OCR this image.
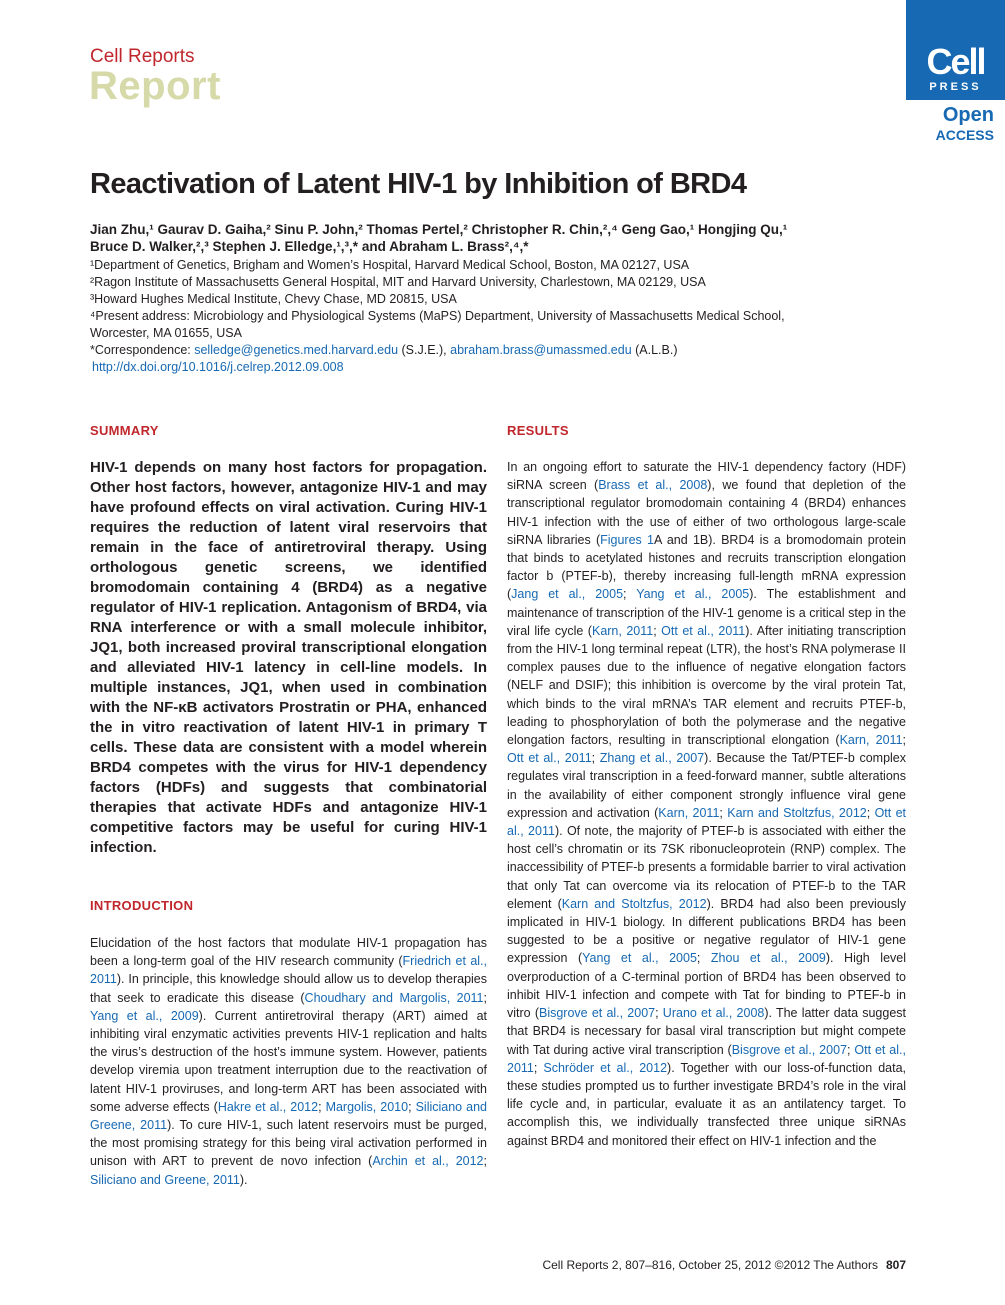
Cell Reports
Report
Cell
PRESS
Open
ACCESS
Reactivation of Latent HIV-1 by Inhibition of BRD4
Jian Zhu,¹ Gaurav D. Gaiha,² Sinu P. John,² Thomas Pertel,² Christopher R. Chin,²,⁴ Geng Gao,¹ Hongjing Qu,¹
Bruce D. Walker,²,³ Stephen J. Elledge,¹,³,* and Abraham L. Brass²,⁴,*
¹Department of Genetics, Brigham and Women’s Hospital, Harvard Medical School, Boston, MA 02127, USA
²Ragon Institute of Massachusetts General Hospital, MIT and Harvard University, Charlestown, MA 02129, USA
³Howard Hughes Medical Institute, Chevy Chase, MD 20815, USA
⁴Present address: Microbiology and Physiological Systems (MaPS) Department, University of Massachusetts Medical School,
Worcester, MA 01655, USA
*Correspondence: selledge@genetics.med.harvard.edu (S.J.E.), abraham.brass@umassmed.edu (A.L.B.)
http://dx.doi.org/10.1016/j.celrep.2012.09.008
SUMMARY	RESULTS
INTRODUCTION
HIV-1 depends on many host factors for propagation. Other host factors, however, antagonize HIV-1 and may have profound effects on viral activation. Curing HIV-1 requires the reduction of latent viral reservoirs that remain in the face of antiretroviral therapy. Using orthologous genetic screens, we identified bromodomain containing 4 (BRD4) as a negative regulator of HIV-1 replication. Antagonism of BRD4, via RNA interference or with a small molecule inhibitor, JQ1, both increased proviral transcriptional elongation and alleviated HIV-1 latency in cell-line models. In multiple instances, JQ1, when used in combination with the NF-κB activators Prostratin or PHA, enhanced the in vitro reactivation of latent HIV-1 in primary T cells. These data are consistent with a model wherein BRD4 competes with the virus for HIV-1 dependency factors (HDFs) and suggests that combinatorial therapies that activate HDFs and antagonize HIV-1 competitive factors may be useful for curing HIV-1 infection.
Elucidation of the host factors that modulate HIV-1 propagation has been a long-term goal of the HIV research community (Friedrich et al., 2011). In principle, this knowledge should allow us to develop therapies that seek to eradicate this disease (Choudhary and Margolis, 2011; Yang et al., 2009). Current antiretroviral therapy (ART) aimed at inhibiting viral enzymatic activities prevents HIV-1 replication and halts the virus’s destruction of the host’s immune system. However, patients develop viremia upon treatment interruption due to the reactivation of latent HIV-1 proviruses, and long-term ART has been associated with some adverse effects (Hakre et al., 2012; Margolis, 2010; Siliciano and Greene, 2011). To cure HIV-1, such latent reservoirs must be purged, the most promising strategy for this being viral activation performed in unison with ART to prevent de novo infection (Archin et al., 2012; Siliciano and Greene, 2011).
In an ongoing effort to saturate the HIV-1 dependency factory (HDF) siRNA screen (Brass et al., 2008), we found that depletion of the transcriptional regulator bromodomain containing 4 (BRD4) enhances HIV-1 infection with the use of either of two orthologous large-scale siRNA libraries (Figures 1A and 1B). BRD4 is a bromodomain protein that binds to acetylated histones and recruits transcription elongation factor b (PTEF-b), thereby increasing full-length mRNA expression (Jang et al., 2005; Yang et al., 2005). The establishment and maintenance of transcription of the HIV-1 genome is a critical step in the viral life cycle (Karn, 2011; Ott et al., 2011). After initiating transcription from the HIV-1 long terminal repeat (LTR), the host’s RNA polymerase II complex pauses due to the influence of negative elongation factors (NELF and DSIF); this inhibition is overcome by the viral protein Tat, which binds to the viral mRNA’s TAR element and recruits PTEF-b, leading to phosphorylation of both the polymerase and the negative elongation factors, resulting in transcriptional elongation (Karn, 2011; Ott et al., 2011; Zhang et al., 2007). Because the Tat/PTEF-b complex regulates viral transcription in a feed-forward manner, subtle alterations in the availability of either component strongly influence viral gene expression and activation (Karn, 2011; Karn and Stoltzfus, 2012; Ott et al., 2011). Of note, the majority of PTEF-b is associated with either the host cell’s chromatin or its 7SK ribonucleoprotein (RNP) complex. The inaccessibility of PTEF-b presents a formidable barrier to viral activation that only Tat can overcome via its relocation of PTEF-b to the TAR element (Karn and Stoltzfus, 2012). BRD4 had also been previously implicated in HIV-1 biology. In different publications BRD4 has been suggested to be a positive or negative regulator of HIV-1 gene expression (Yang et al., 2005; Zhou et al., 2009). High level overproduction of a C-terminal portion of BRD4 has been observed to inhibit HIV-1 infection and compete with Tat for binding to PTEF-b in vitro (Bisgrove et al., 2007; Urano et al., 2008). The latter data suggest that BRD4 is necessary for basal viral transcription but might compete with Tat during active viral transcription (Bisgrove et al., 2007; Ott et al., 2011; Schröder et al., 2012). Together with our loss-of-function data, these studies prompted us to further investigate BRD4’s role in the viral life cycle and, in particular, evaluate it as an antilatency target. To accomplish this, we individually transfected three unique siRNAs against BRD4 and monitored their effect on HIV-1 infection and the
Cell Reports 2, 807–816, October 25, 2012 ©2012 The Authors 807
